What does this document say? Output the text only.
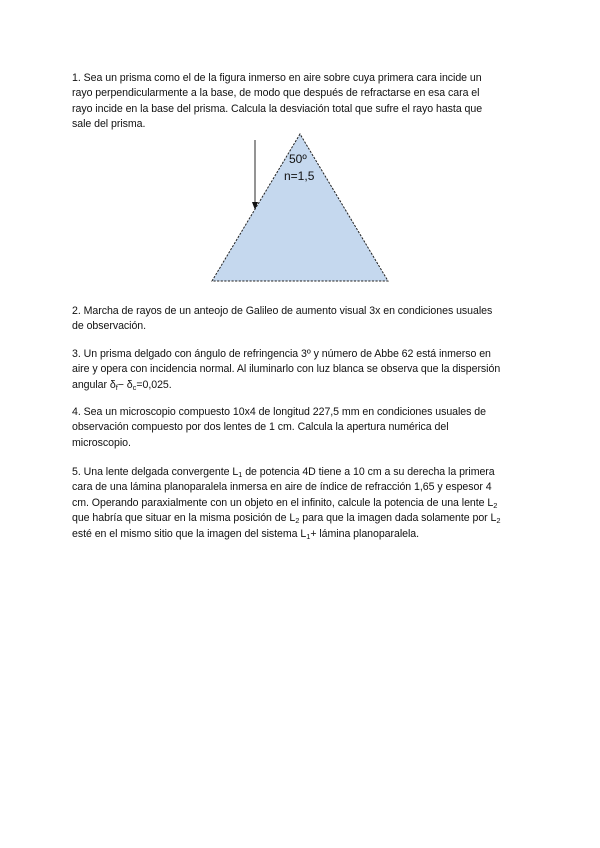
1. Sea un prisma como el de la figura inmerso en aire sobre cuya primera cara incide un
rayo perpendicularmente a la base, de modo que después de refractarse en esa cara el
rayo incide en la base del prisma. Calcula la desviación total que sufre el rayo hasta que
sale del prisma.

50º
n=1,5

2. Marcha de rayos de un anteojo de Galileo de aumento visual 3x en condiciones usuales
de observación.

3. Un prisma delgado con ángulo de refringencia 3º y número de Abbe 62 está inmerso en
aire y opera con incidencia normal. Al iluminarlo con luz blanca se observa que la dispersión
angular $\delta_f- \delta_c=0,025$.

4. Sea un microscopio compuesto 10x4 de longitud 227,5 mm en condiciones usuales de
observación compuesto por dos lentes de 1 cm. Calcula la apertura numérica del
microscopio.

5. Una lente delgada convergente $L_1$ de potencia 4D tiene a 10 cm a su derecha la primera
cara de una lámina planoparalela inmersa en aire de índice de refracción 1,65 y espesor 4
cm. Operando paraxialmente con un objeto en el infinito, calcule la potencia de una lente $L_2$
que habría que situar en la misma posición de $L_2$ para que la imagen dada solamente por $L_2$
esté en el mismo sitio que la imagen del sistema $L_1+$ lámina planoparalela.
